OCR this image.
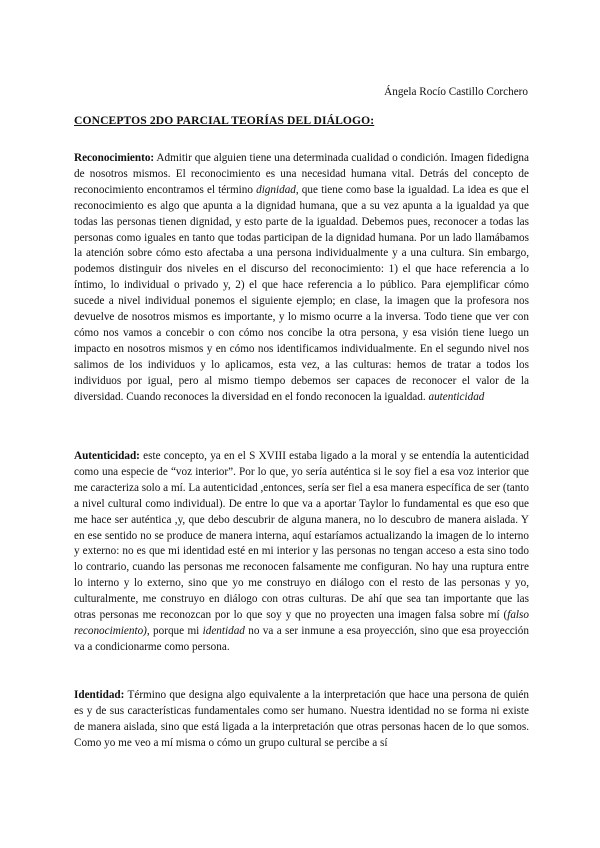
Ángela Rocío Castillo Corchero
CONCEPTOS 2DO PARCIAL TEORÍAS DEL DIÁLOGO:

Reconocimiento: Admitir que alguien tiene una determinada cualidad o condición. Imagen fidedigna de nosotros mismos. El reconocimiento es una necesidad humana vital. Detrás del concepto de reconocimiento encontramos el término dignidad, que tiene como base la igualdad. La idea es que el reconocimiento es algo que apunta a la dignidad humana, que a su vez apunta a la igualdad ya que todas las personas tienen dignidad, y esto parte de la igualdad. Debemos pues, reconocer a todas las personas como iguales en tanto que todas participan de la dignidad humana. Por un lado llamábamos la atención sobre cómo esto afectaba a una persona individualmente y a una cultura. Sin embargo, podemos distinguir dos niveles en el discurso del reconocimiento: 1) el que hace referencia a lo íntimo, lo individual o privado y, 2) el que hace referencia a lo público. Para ejemplificar cómo sucede a nivel individual ponemos el siguiente ejemplo; en clase, la imagen que la profesora nos devuelve de nosotros mismos es importante, y lo mismo ocurre a la inversa. Todo tiene que ver con cómo nos vamos a concebir o con cómo nos concibe la otra persona, y esa visión tiene luego un impacto en nosotros mismos y en cómo nos identificamos individualmente. En el segundo nivel nos salimos de los individuos y lo aplicamos, esta vez, a las culturas: hemos de tratar a todos los individuos por igual, pero al mismo tiempo debemos ser capaces de reconocer el valor de la diversidad. Cuando reconoces la diversidad en el fondo reconocen la igualdad. autenticidad

Autenticidad: este concepto, ya en el S XVIII estaba ligado a la moral y se entendía la autenticidad como una especie de “voz interior”. Por lo que, yo sería auténtica si le soy fiel a esa voz interior que me caracteriza solo a mí. La autenticidad ,entonces, sería ser fiel a esa manera específica de ser (tanto a nivel cultural como individual). De entre lo que va a aportar Taylor lo fundamental es que eso que me hace ser auténtica ,y, que debo descubrir de alguna manera, no lo descubro de manera aislada. Y en ese sentido no se produce de manera interna, aquí estaríamos actualizando la imagen de lo interno y externo: no es que mi identidad esté en mi interior y las personas no tengan acceso a esta sino todo lo contrario, cuando las personas me reconocen falsamente me configuran. No hay una ruptura entre lo interno y lo externo, sino que yo me construyo en diálogo con el resto de las personas y yo, culturalmente, me construyo en diálogo con otras culturas. De ahí que sea tan importante que las otras personas me reconozcan por lo que soy y que no proyecten una imagen falsa sobre mí (falso reconocimiento), porque mi identidad no va a ser inmune a esa proyección, sino que esa proyección va a condicionarme como persona.

Identidad: Término que designa algo equivalente a la interpretación que hace una persona de quién es y de sus características fundamentales como ser humano. Nuestra identidad no se forma ni existe de manera aislada, sino que está ligada a la interpretación que otras personas hacen de lo que somos. Como yo me veo a mí misma o cómo un grupo cultural se percibe a sí
